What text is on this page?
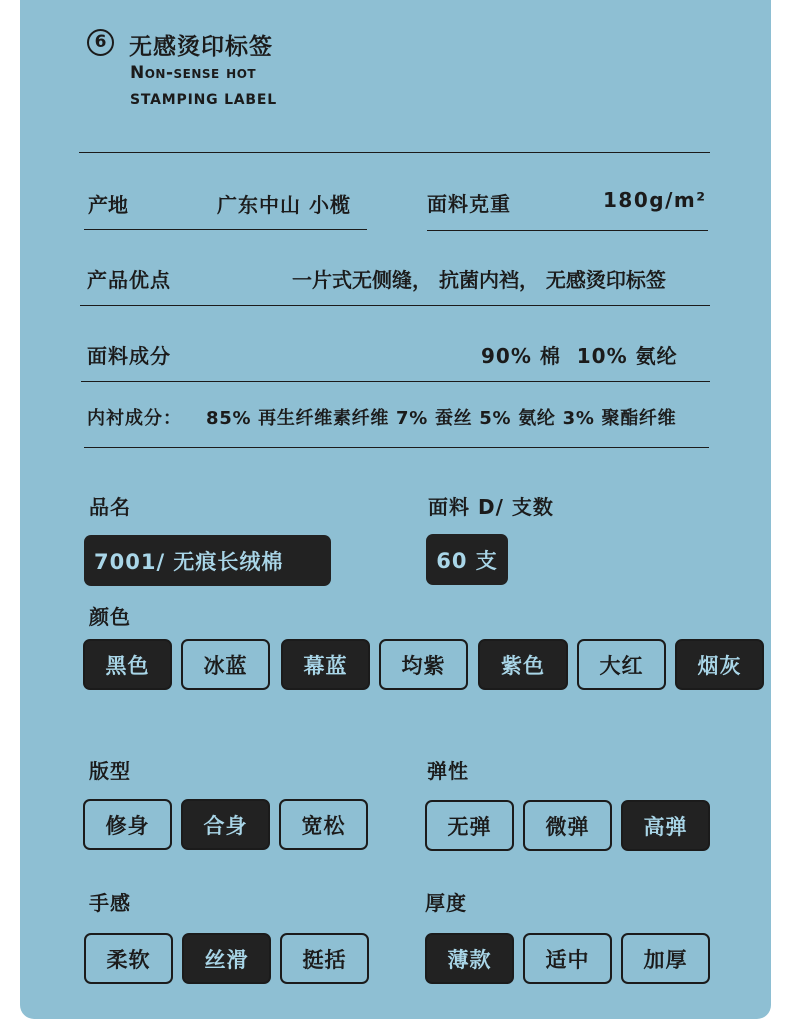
6 无感烫印标签
Non-sense hot
STAMPING LABEL
产地	广东中山 小榄	面料克重	180g/m²
产品优点	一片式无侧缝， 抗菌内裆， 无感烫印标签
面料成分	90% 棉  10% 氨纶
内衬成分： 85% 再生纤维素纤维 7% 蚕丝 5% 氨纶 3% 聚酯纤维
品名
7001/ 无痕长绒棉
面料 D/ 支数
60 支
颜色
黑色	冰蓝	幕蓝	均紫	紫色	大红	烟灰
版型
修身	合身	宽松
弹性
无弹	微弹	高弹
手感
柔软	丝滑	挺括
厚度
薄款	适中	加厚
